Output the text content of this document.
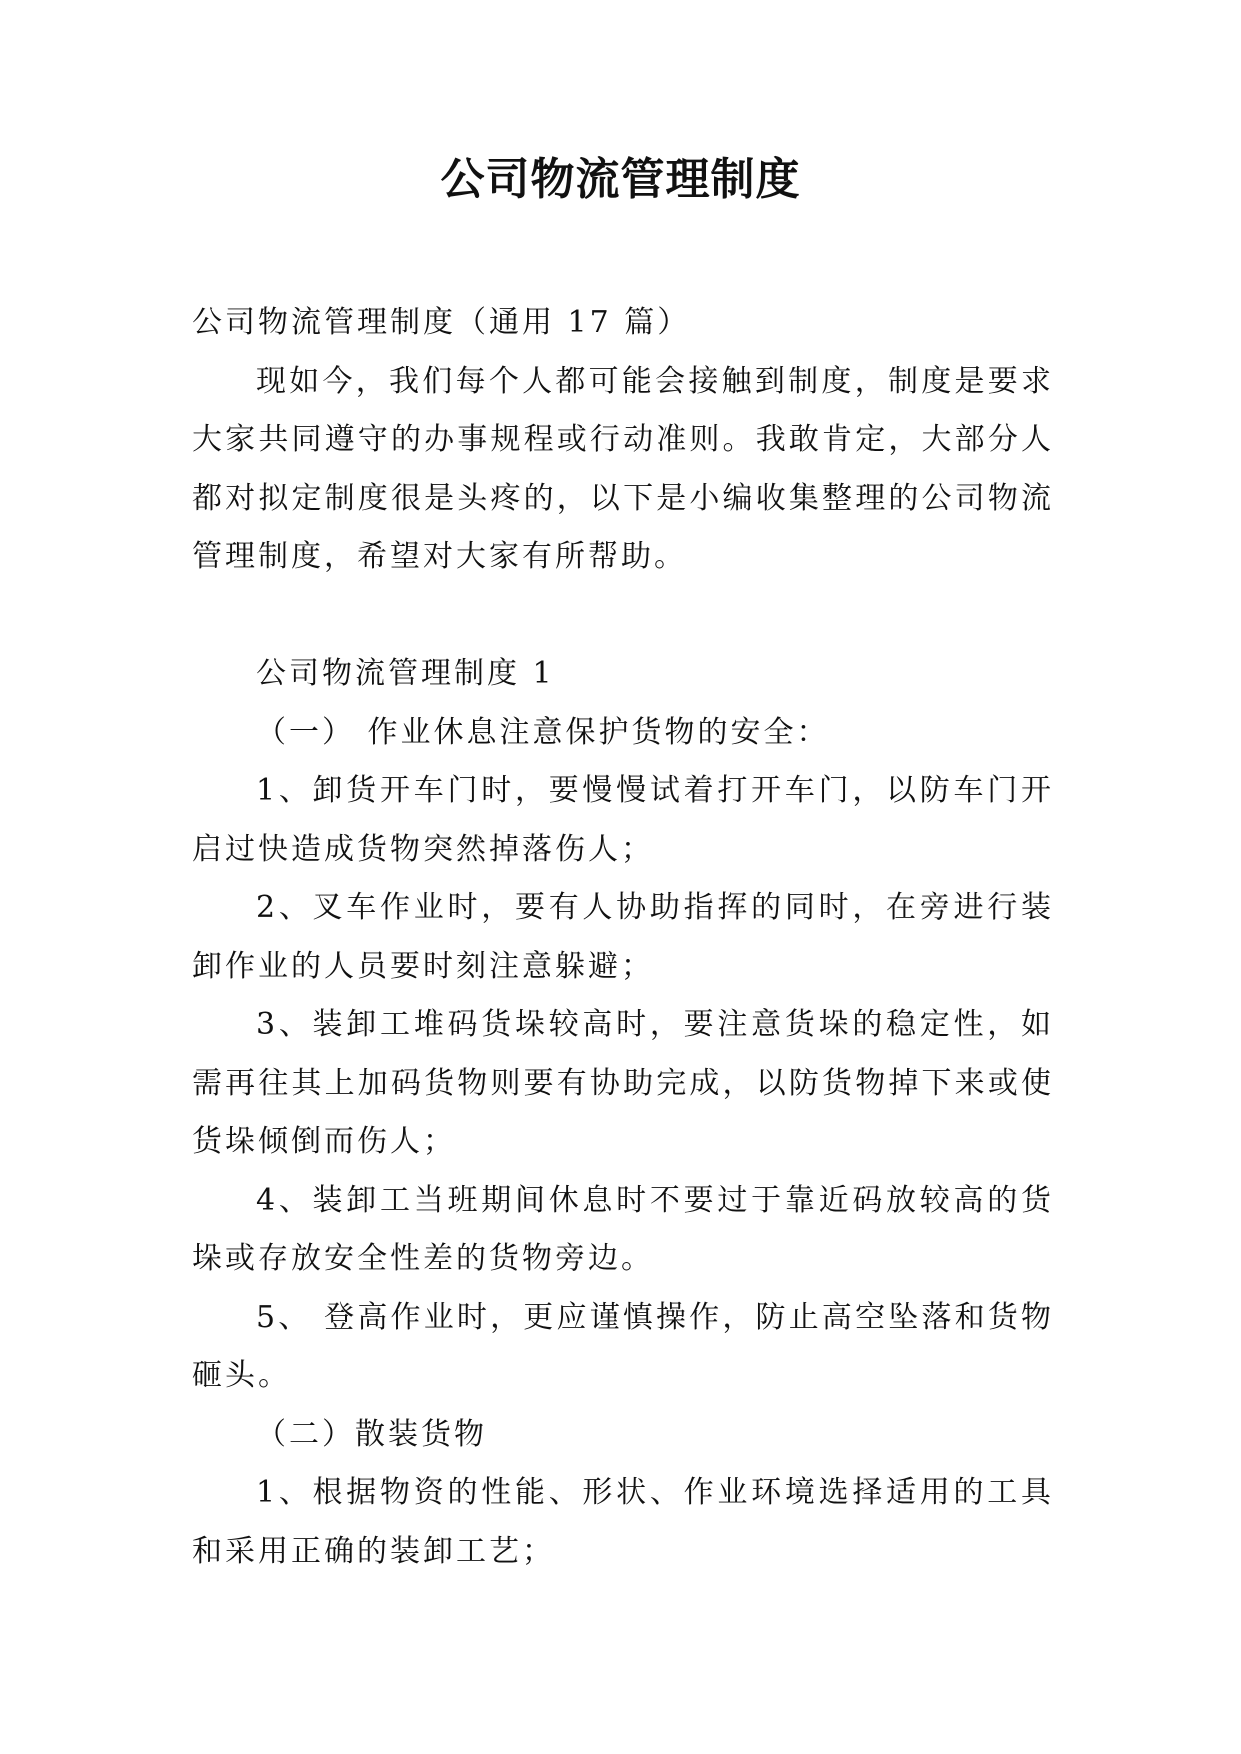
公司物流管理制度

公司物流管理制度（通用 17 篇）

现如今，我们每个人都可能会接触到制度，制度是要求大家共同遵守的办事规程或行动准则。我敢肯定，大部分人都对拟定制度很是头疼的，以下是小编收集整理的公司物流管理制度，希望对大家有所帮助。

公司物流管理制度 1

（一） 作业休息注意保护货物的安全：

1、卸货开车门时，要慢慢试着打开车门，以防车门开启过快造成货物突然掉落伤人；

2、叉车作业时，要有人协助指挥的同时，在旁进行装卸作业的人员要时刻注意躲避；

3、装卸工堆码货垛较高时，要注意货垛的稳定性，如需再往其上加码货物则要有协助完成，以防货物掉下来或使货垛倾倒而伤人；

4、装卸工当班期间休息时不要过于靠近码放较高的货垛或存放安全性差的货物旁边。

5、 登高作业时，更应谨慎操作，防止高空坠落和货物砸头。

（二）散装货物

1、根据物资的性能、形状、作业环境选择适用的工具和采用正确的装卸工艺；
